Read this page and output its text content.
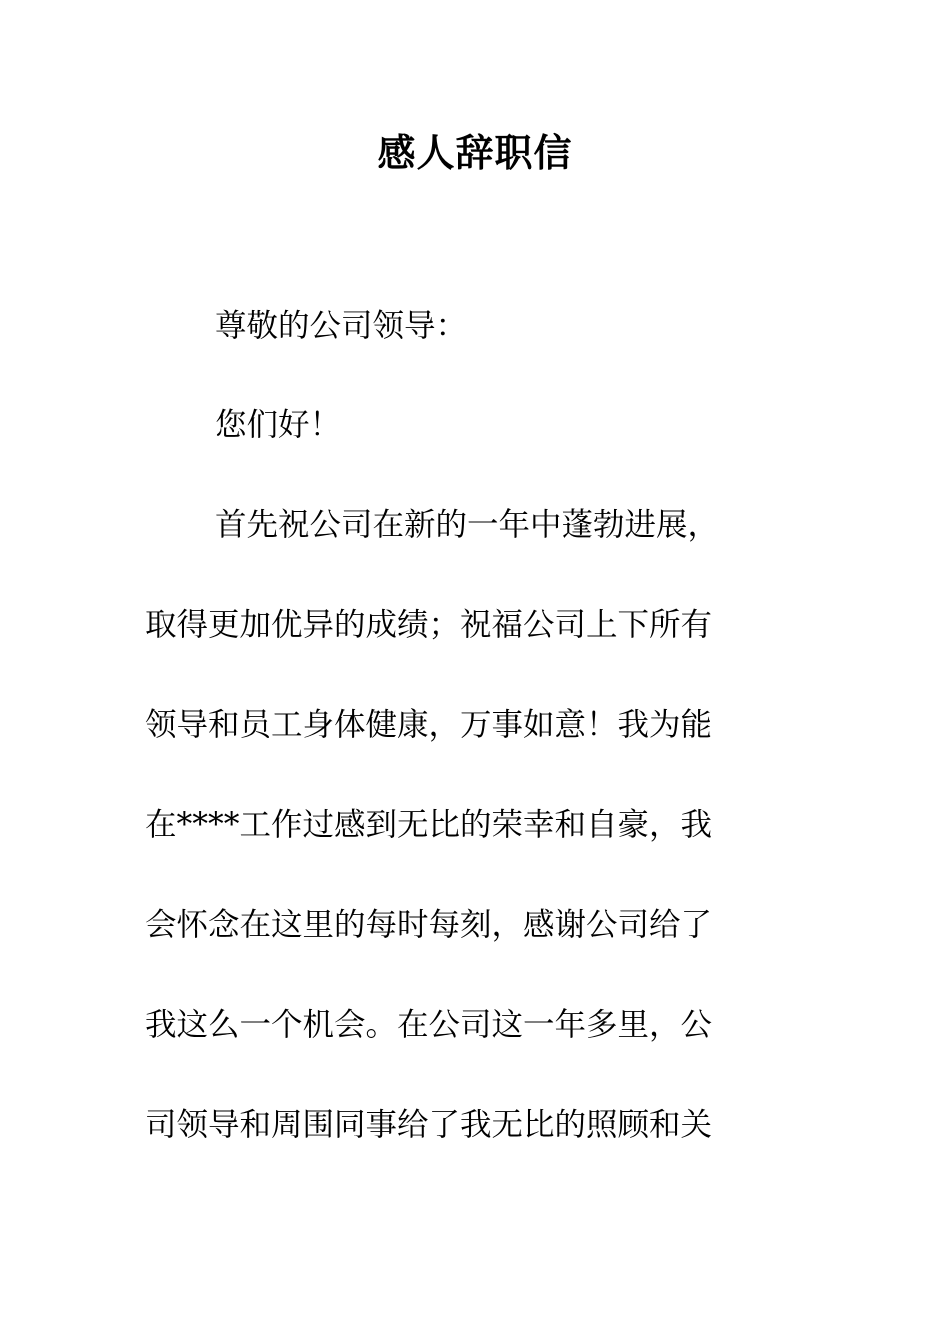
感人辞职信
尊敬的公司领导：
您们好！
首先祝公司在新的一年中蓬勃进展，
取得更加优异的成绩；祝福公司上下所有
领导和员工身体健康，万事如意！我为能
在****工作过感到无比的荣幸和自豪，我
会怀念在这里的每时每刻，感谢公司给了
我这么一个机会。在公司这一年多里，公
司领导和周围同事给了我无比的照顾和关
